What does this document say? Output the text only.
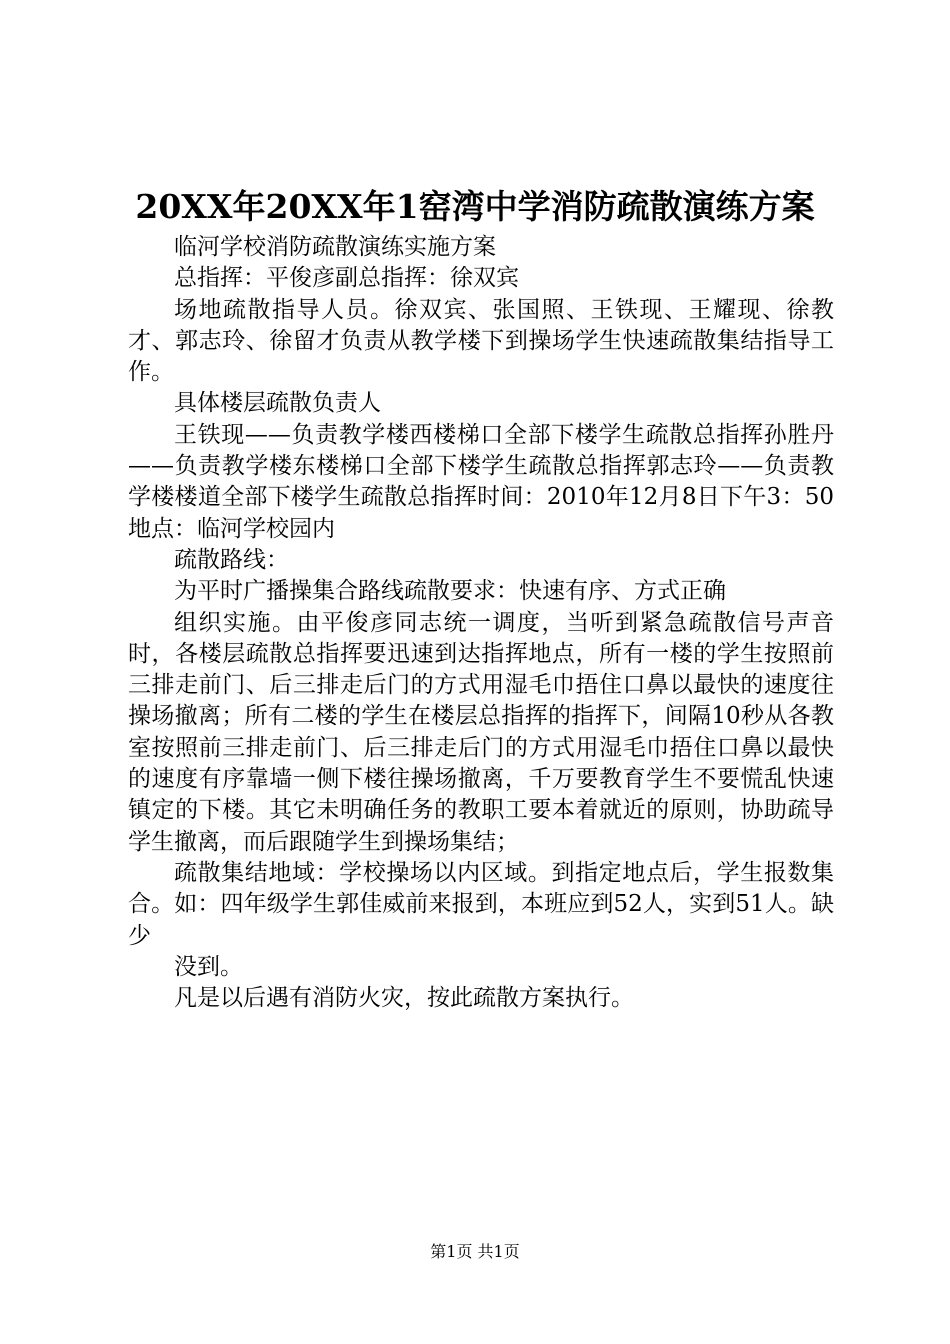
20XX年20XX年1窑湾中学消防疏散演练方案

临河学校消防疏散演练实施方案

总指挥：平俊彦副总指挥：徐双宾

场地疏散指导人员。徐双宾、张国照、王铁现、王耀现、徐教才、郭志玲、徐留才负责从教学楼下到操场学生快速疏散集结指导工作。

具体楼层疏散负责人

王铁现——负责教学楼西楼梯口全部下楼学生疏散总指挥孙胜丹——负责教学楼东楼梯口全部下楼学生疏散总指挥郭志玲——负责教学楼楼道全部下楼学生疏散总指挥时间：2010年12月8日下午3：50地点：临河学校园内

疏散路线：

为平时广播操集合路线疏散要求：快速有序、方式正确

组织实施。由平俊彦同志统一调度，当听到紧急疏散信号声音时，各楼层疏散总指挥要迅速到达指挥地点，所有一楼的学生按照前三排走前门、后三排走后门的方式用湿毛巾捂住口鼻以最快的速度往操场撤离；所有二楼的学生在楼层总指挥的指挥下，间隔10秒从各教室按照前三排走前门、后三排走后门的方式用湿毛巾捂住口鼻以最快的速度有序靠墙一侧下楼往操场撤离，千万要教育学生不要慌乱快速镇定的下楼。其它未明确任务的教职工要本着就近的原则，协助疏导学生撤离，而后跟随学生到操场集结；

疏散集结地域：学校操场以内区域。到指定地点后，学生报数集合。如：四年级学生郭佳威前来报到，本班应到52人，实到51人。缺少

没到。

凡是以后遇有消防火灾，按此疏散方案执行。

第1页 共1页
